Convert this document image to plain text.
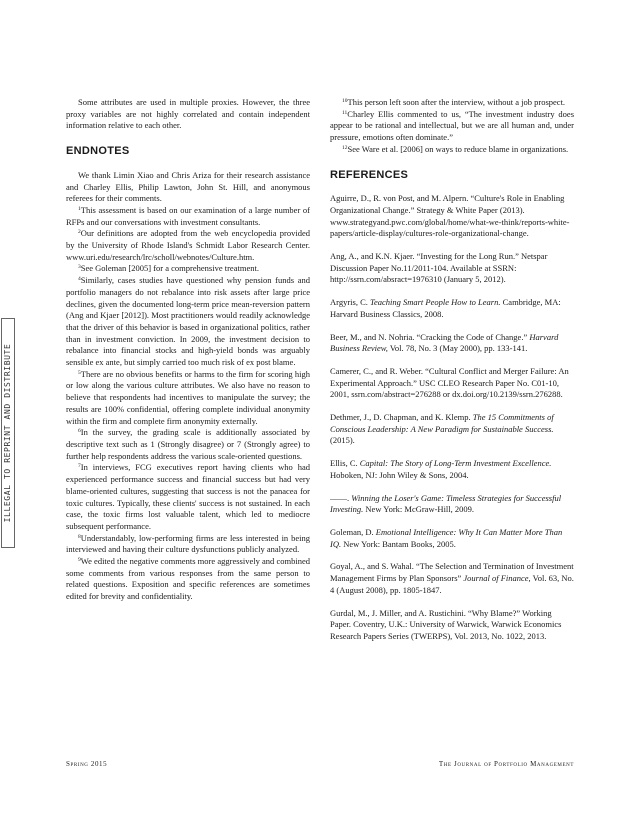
ILLEGAL TO REPRINT AND DISTRIBUTE

Some attributes are used in multiple proxies. However, the three proxy variables are not highly correlated and contain independent information relative to each other.

ENDNOTES

We thank Limin Xiao and Chris Ariza for their research assistance and Charley Ellis, Philip Lawton, John St. Hill, and anonymous referees for their comments.

$^1$This assessment is based on our examination of a large number of RFPs and our conversations with investment consultants.

$^2$Our definitions are adopted from the web encyclopedia provided by the University of Rhode Island's Schmidt Labor Research Center. www.uri.edu/research/lrc/scholl/webnotes/Culture.htm.

$^3$See Goleman [2005] for a comprehensive treatment.

$^4$Similarly, cases studies have questioned why pension funds and portfolio managers do not rebalance into risk assets after large price declines, given the documented long-term price mean-reversion pattern (Ang and Kjaer [2012]). Most practitioners would readily acknowledge that the driver of this behavior is based in organizational politics, rather than in investment conviction. In 2009, the investment decision to rebalance into financial stocks and high-yield bonds was arguably sensible ex ante, but simply carried too much risk of ex post blame.

$^5$There are no obvious benefits or harms to the firm for scoring high or low along the various culture attributes. We also have no reason to believe that respondents had incentives to manipulate the survey; the results are 100% confidential, offering complete individual anonymity within the firm and complete firm anonymity externally.

$^6$In the survey, the grading scale is additionally associated by descriptive text such as 1 (Strongly disagree) or 7 (Strongly agree) to further help respondents address the various scale-oriented questions.

$^7$In interviews, FCG executives report having clients who had experienced performance success and financial success but had very blame-oriented cultures, suggesting that success is not the panacea for toxic cultures. Typically, these clients' success is not sustained. In each case, the toxic firms lost valuable talent, which led to mediocre subsequent performance.

$^8$Understandably, low-performing firms are less interested in being interviewed and having their culture dysfunctions publicly analyzed.

$^9$We edited the negative comments more aggressively and combined some comments from various responses from the same person to related questions. Exposition and specific references are sometimes edited for brevity and confidentiality.

$^{10}$This person left soon after the interview, without a job prospect.

$^{11}$Charley Ellis commented to us, “The investment industry does appear to be rational and intellectual, but we are all human and, under pressure, emotions often dominate.”

$^{12}$See Ware et al. [2006] on ways to reduce blame in organizations.

REFERENCES

Aguirre, D., R. von Post, and M. Alpern. “Culture's Role in Enabling Organizational Change.” Strategy & White Paper (2013). www.strategyand.pwc.com/global/home/what-we-think/reports-white-papers/article-display/cultures-role-organizational-change.

Ang, A., and K.N. Kjaer. “Investing for the Long Run.” Netspar Discussion Paper No.11/2011-104. Available at SSRN: http://ssrn.com/absract=1976310 (January 5, 2012).

Argyris, C. Teaching Smart People How to Learn. Cambridge, MA: Harvard Business Classics, 2008.

Beer, M., and N. Nohria. “Cracking the Code of Change.” Harvard Business Review, Vol. 78, No. 3 (May 2000), pp. 133-141.

Camerer, C., and R. Weber. “Cultural Conflict and Merger Failure: An Experimental Approach.” USC CLEO Research Paper No. C01-10, 2001, ssrn.com/abstract=276288 or dx.doi.org/10.2139/ssrn.276288.

Dethmer, J., D. Chapman, and K. Klemp. The 15 Commitments of Conscious Leadership: A New Paradigm for Sustainable Success. (2015).

Ellis, C. Capital: The Story of Long-Term Investment Excellence. Hoboken, NJ: John Wiley & Sons, 2004.

——. Winning the Loser's Game: Timeless Strategies for Successful Investing. New York: McGraw-Hill, 2009.

Goleman, D. Emotional Intelligence: Why It Can Matter More Than IQ. New York: Bantam Books, 2005.

Goyal, A., and S. Wahal. “The Selection and Termination of Investment Management Firms by Plan Sponsors” Journal of Finance, Vol. 63, No. 4 (August 2008), pp. 1805-1847.

Gurdal, M., J. Miller, and A. Rustichini. “Why Blame?” Working Paper. Coventry, U.K.: University of Warwick, Warwick Economics Research Papers Series (TWERPS), Vol. 2013, No. 1022, 2013.

Spring 2015	The Journal of Portfolio Management
